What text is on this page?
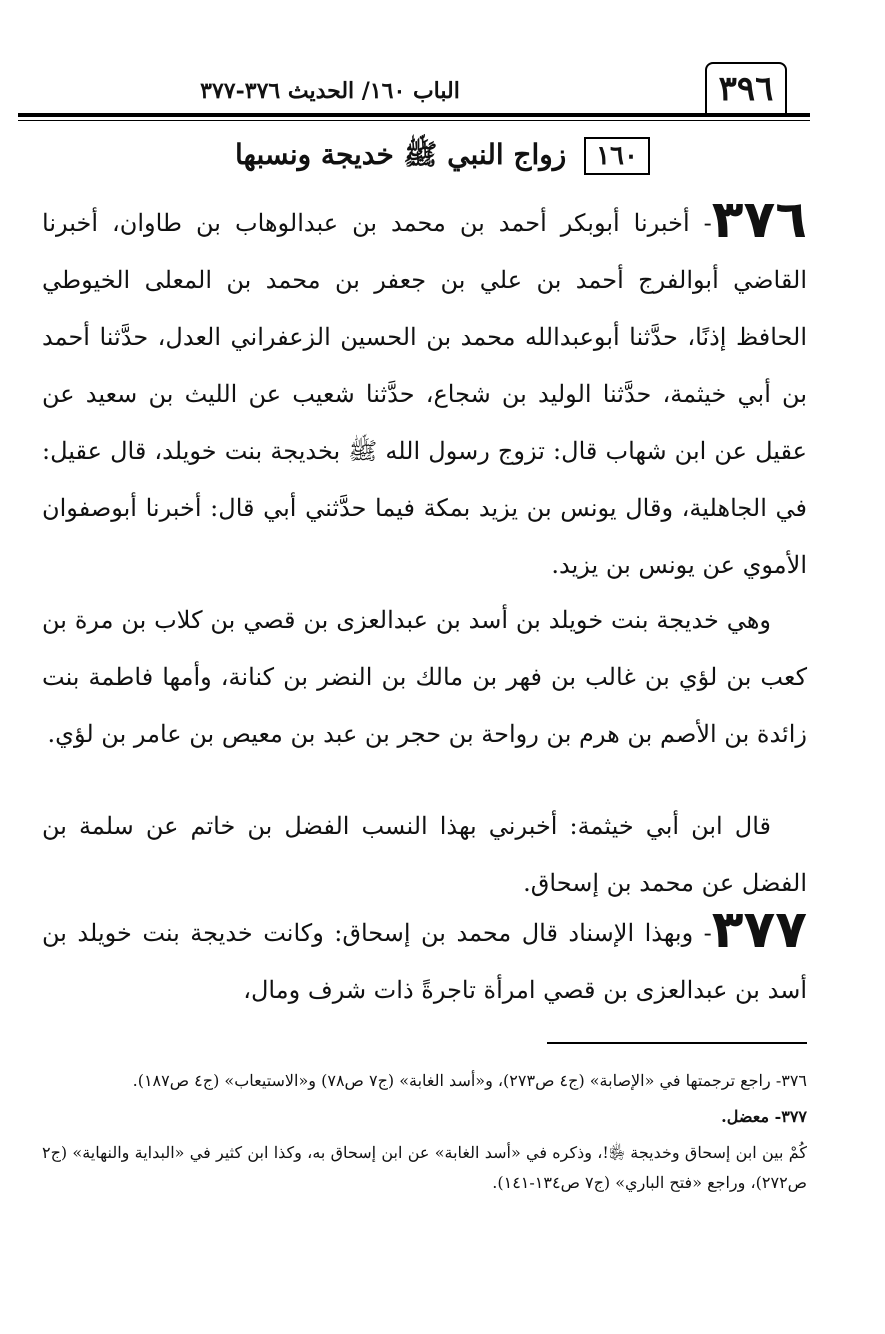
٣٩٦
الباب ١٦٠/ الحديث ٣٧٦-٣٧٧
١٦٠ زواج النبي ﷺ خديجة ونسبها
٣٧٦- أخبرنا أبوبكر أحمد بن محمد بن عبدالوهاب بن طاوان، أخبرنا القاضي أبوالفرج أحمد بن علي بن جعفر بن محمد بن المعلى الخيوطي الحافظ إذنًا، حدَّثنا أبوعبدالله محمد بن الحسين الزعفراني العدل، حدَّثنا أحمد بن أبي خيثمة، حدَّثنا الوليد بن شجاع، حدَّثنا شعيب عن الليث بن سعيد عن عقيل عن ابن شهاب قال: تزوج رسول الله ﷺ بخديجة بنت خويلد، قال عقيل: في الجاهلية، وقال يونس بن يزيد بمكة فيما حدَّثني أبي قال: أخبرنا أبوصفوان الأموي عن يونس بن يزيد.
وهي خديجة بنت خويلد بن أسد بن عبدالعزى بن قصي بن كلاب بن مرة بن كعب بن لؤي بن غالب بن فهر بن مالك بن النضر بن كنانة، وأمها فاطمة بنت زائدة بن الأصم بن هرم بن رواحة بن حجر بن عبد بن معيص بن عامر بن لؤي.
قال ابن أبي خيثمة: أخبرني بهذا النسب الفضل بن خاتم عن سلمة بن الفضل عن محمد بن إسحاق.
٣٧٧- وبهذا الإسناد قال محمد بن إسحاق: وكانت خديجة بنت خويلد بن أسد بن عبدالعزى بن قصي امرأة تاجرةً ذات شرف ومال،

٣٧٦- راجع ترجمتها في «الإصابة» (ج٤ ص٢٧٣)، و«أسد الغابة» (ج٧ ص٧٨) و«الاستيعاب» (ج٤ ص١٨٧).

٣٧٧- معضل.

كُمْ بين ابن إسحاق وخديجة ﵂!، وذكره في «أسد الغابة» عن ابن إسحاق به، وكذا ابن كثير في «البداية والنهاية» (ج٢ ص٢٧٢)، وراجع «فتح الباري» (ج٧ ص١٣٤-١٤١).
